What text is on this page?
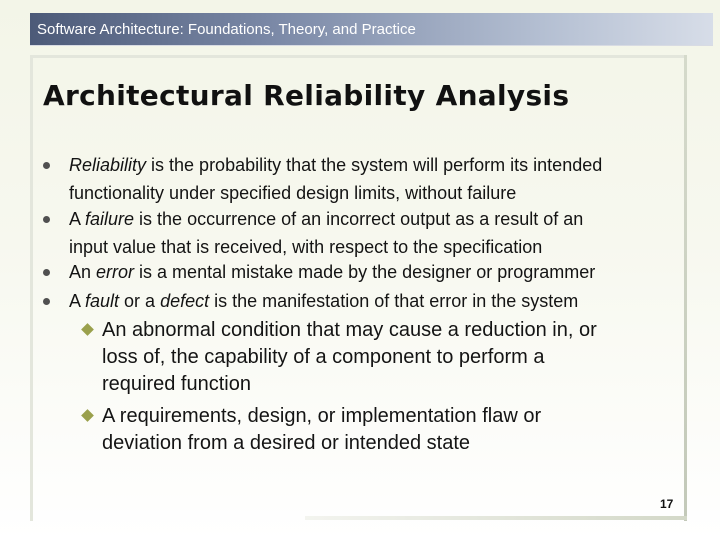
Software Architecture: Foundations, Theory, and Practice
Architectural Reliability Analysis
Reliability is the probability that the system will perform its intended
functionality under specified design limits, without failure
A failure is the occurrence of an incorrect output as a result of an
input value that is received, with respect to the specification
An error is a mental mistake made by the designer or programmer
A fault or a defect is the manifestation of that error in the system
An abnormal condition that may cause a reduction in, or
loss of, the capability of a component to perform a
required function
A requirements, design, or implementation flaw or
deviation from a desired or intended state
17
